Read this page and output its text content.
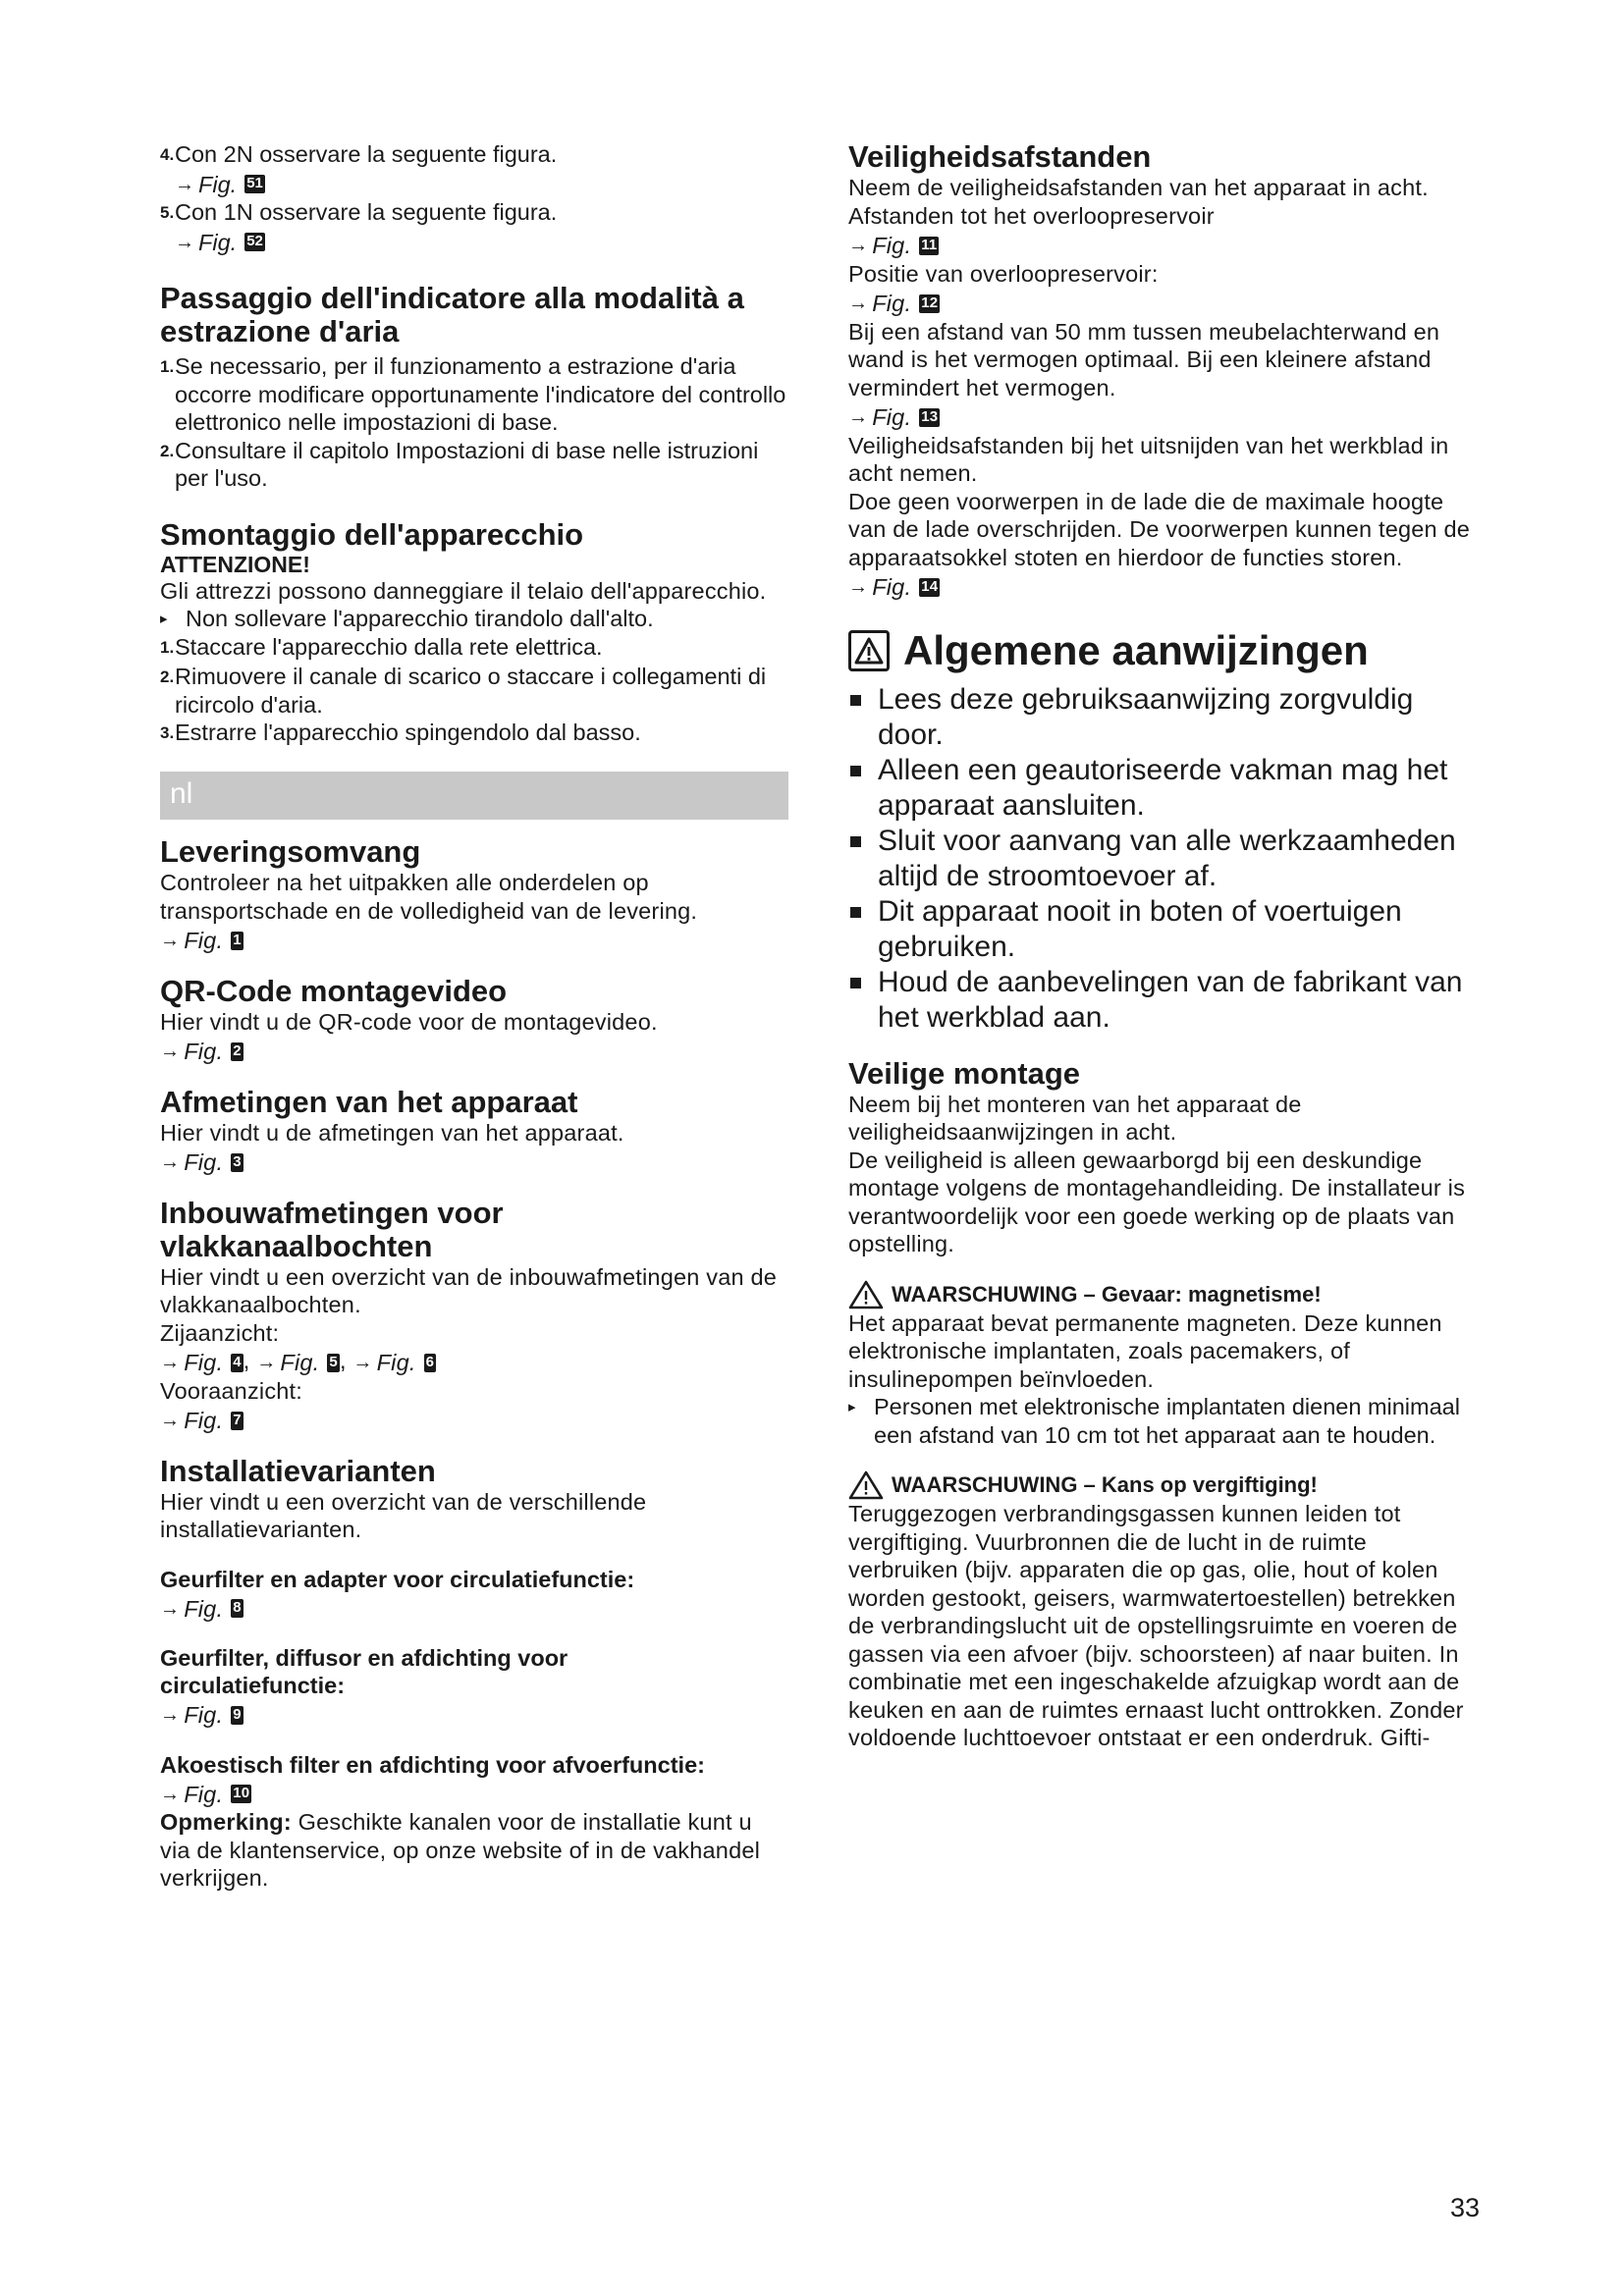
4. Con 2N osservare la seguente figura.

→ Fig. 51
5. Con 1N osservare la seguente figura.

→ Fig. 52
Passaggio dell'indicatore alla modalità a estrazione d'aria
1. Se necessario, per il funzionamento a estrazione d'aria occorre modificare opportunamente l'indicatore del controllo elettronico nelle impostazioni di base.
2. Consultare il capitolo Impostazioni di base nelle istruzioni per l'uso.
Smontaggio dell'apparecchio
ATTENZIONE!

Gli attrezzi possono danneggiare il telaio dell'apparecchio.

▸ Non sollevare l'apparecchio tirandolo dall'alto.
1. Staccare l'apparecchio dalla rete elettrica.
2. Rimuovere il canale di scarico o staccare i collegamenti di ricircolo d'aria.
3. Estrarre l'apparecchio spingendolo dal basso.
nl
Leveringsomvang

Controleer na het uitpakken alle onderdelen op transportschade en de volledigheid van de levering.

→ Fig. 1
QR-Code montagevideo

Hier vindt u de QR-code voor de montagevideo.

→ Fig. 2
Afmetingen van het apparaat

Hier vindt u de afmetingen van het apparaat.

→ Fig. 3
Inbouwafmetingen voor vlakkanaalbochten

Hier vindt u een overzicht van de inbouwafmetingen van de vlakkanaalbochten.

Zijaanzicht:

→ Fig. 4 , → Fig. 5 , → Fig. 6

Vooraanzicht:

→ Fig. 7
Installatievarianten

Hier vindt u een overzicht van de verschillende installatievarianten.

Geurfilter en adapter voor circulatiefunctie:
→ Fig. 8
Geurfilter, diffusor en afdichting voor circulatiefunctie:
→ Fig. 9
Akoestisch filter en afdichting voor afvoerfunctie:
→ Fig. 10

Opmerking: Geschikte kanalen voor de installatie kunt u via de klantenservice, op onze website of in de vakhandel verkrijgen.

Veiligheidsafstanden

Neem de veiligheidsafstanden van het apparaat in acht.

Afstanden tot het overloopreservoir

→ Fig. 11

Positie van overloopreservoir:

→ Fig. 12

Bij een afstand van 50 mm tussen meubelachterwand en wand is het vermogen optimaal. Bij een kleinere afstand vermindert het vermogen.

→ Fig. 13

Veiligheidsafstanden bij het uitsnijden van het werkblad in acht nemen.

Doe geen voorwerpen in de lade die de maximale hoogte van de lade overschrijden. De voorwerpen kunnen tegen de apparaatsokkel stoten en hierdoor de functies storen.

→ Fig. 14
Algemene aanwijzingen
Lees deze gebruiksaanwijzing zorgvuldig door.
Alleen een geautoriseerde vakman mag het apparaat aansluiten.
Sluit voor aanvang van alle werkzaamheden altijd de stroomtoevoer af.
Dit apparaat nooit in boten of voertuigen gebruiken.
Houd de aanbevelingen van de fabrikant van het werkblad aan.
Veilige montage

Neem bij het monteren van het apparaat de veiligheidsaanwijzingen in acht.

De veiligheid is alleen gewaarborgd bij een deskundige montage volgens de montagehandleiding. De installateur is verantwoordelijk voor een goede werking op de plaats van opstelling.

WAARSCHUWING – Gevaar: magnetisme!

Het apparaat bevat permanente magneten. Deze kunnen elektronische implantaten, zoals pacemakers, of insulinepompen beïnvloeden.

▸ Personen met elektronische implantaten dienen minimaal een afstand van 10 cm tot het apparaat aan te houden.
WAARSCHUWING – Kans op vergiftiging!

Teruggezogen verbrandingsgassen kunnen leiden tot vergiftiging. Vuurbronnen die de lucht in de ruimte verbruiken (bijv. apparaten die op gas, olie, hout of kolen worden gestookt, geisers, warmwatertoestellen) betrekken de verbrandingslucht uit de opstellingsruimte en voeren de gassen via een afvoer (bijv. schoorsteen) af naar buiten. In combinatie met een ingeschakelde afzuigkap wordt aan de keuken en aan de ruimtes ernaast lucht onttrokken. Zonder voldoende luchttoevoer ontstaat er een onderdruk. Gifti-

33
